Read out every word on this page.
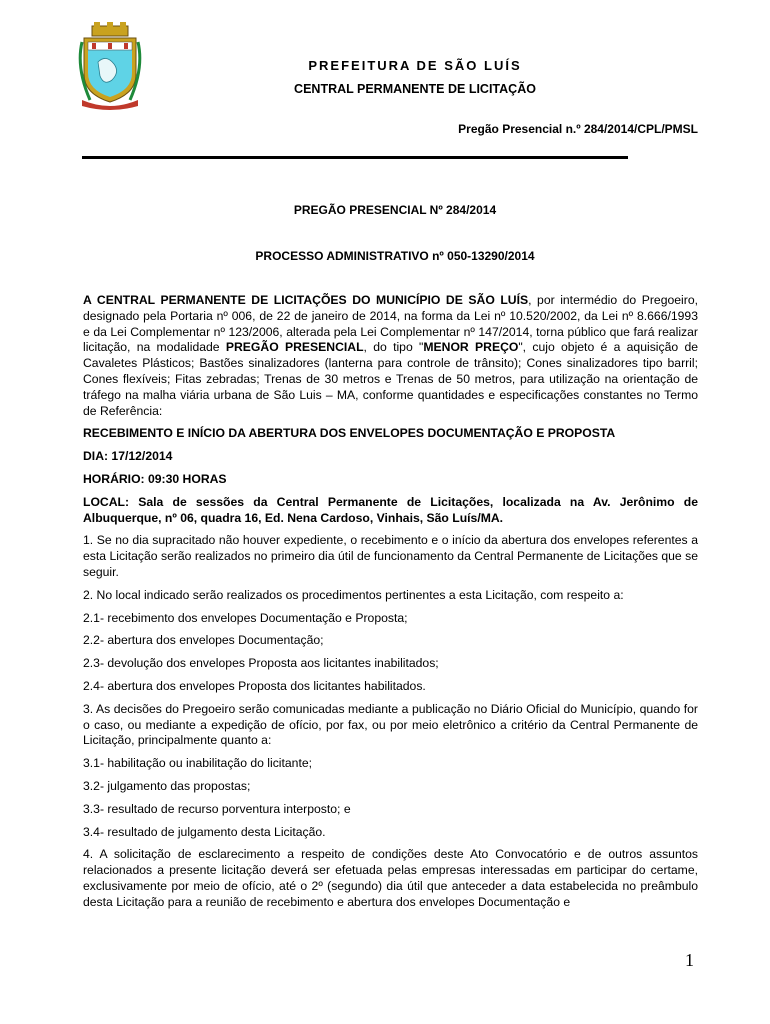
PREFEITURA DE SÃO LUÍS
CENTRAL PERMANENTE DE LICITAÇÃO
Pregão Presencial n.º 284/2014/CPL/PMSL
PREGÃO PRESENCIAL Nº 284/2014
PROCESSO ADMINISTRATIVO nº 050-13290/2014

A CENTRAL PERMANENTE DE LICITAÇÕES DO MUNICÍPIO DE SÃO LUÍS, por intermédio do Pregoeiro, designado pela Portaria nº 006, de 22 de janeiro de 2014, na forma da Lei nº 10.520/2002, da Lei nº 8.666/1993 e da Lei Complementar nº 123/2006, alterada pela Lei Complementar nº 147/2014, torna público que fará realizar licitação, na modalidade PREGÃO PRESENCIAL, do tipo "MENOR PREÇO", cujo objeto é a aquisição de Cavaletes Plásticos; Bastões sinalizadores (lanterna para controle de trânsito); Cones sinalizadores tipo barril; Cones flexíveis; Fitas zebradas; Trenas de 30 metros e Trenas de 50 metros, para utilização na orientação de tráfego na malha viária urbana de São Luis – MA, conforme quantidades e especificações constantes no Termo de Referência:

RECEBIMENTO E INÍCIO DA ABERTURA DOS ENVELOPES DOCUMENTAÇÃO E PROPOSTA

DIA: 17/12/2014

HORÁRIO: 09:30 HORAS

LOCAL: Sala de sessões da Central Permanente de Licitações, localizada na Av. Jerônimo de Albuquerque, nº 06, quadra 16, Ed. Nena Cardoso, Vinhais, São Luís/MA.

1. Se no dia supracitado não houver expediente, o recebimento e o início da abertura dos envelopes referentes a esta Licitação serão realizados no primeiro dia útil de funcionamento da Central Permanente de Licitações que se seguir.

2. No local indicado serão realizados os procedimentos pertinentes a esta Licitação, com respeito a:

2.1- recebimento dos envelopes Documentação e Proposta;

2.2- abertura dos envelopes Documentação;

2.3- devolução dos envelopes Proposta aos licitantes inabilitados;

2.4- abertura dos envelopes Proposta dos licitantes habilitados.

3. As decisões do Pregoeiro serão comunicadas mediante a publicação no Diário Oficial do Município, quando for o caso, ou mediante a expedição de ofício, por fax, ou por meio eletrônico a critério da Central Permanente de Licitação, principalmente quanto a:

3.1- habilitação ou inabilitação do licitante;

3.2- julgamento das propostas;

3.3- resultado de recurso porventura interposto; e

3.4- resultado de julgamento desta Licitação.

4. A solicitação de esclarecimento a respeito de condições deste Ato Convocatório e de outros assuntos relacionados a presente licitação deverá ser efetuada pelas empresas interessadas em participar do certame, exclusivamente por meio de ofício, até o 2º (segundo) dia útil que anteceder a data estabelecida no preâmbulo desta Licitação para a reunião de recebimento e abertura dos envelopes Documentação e

1
